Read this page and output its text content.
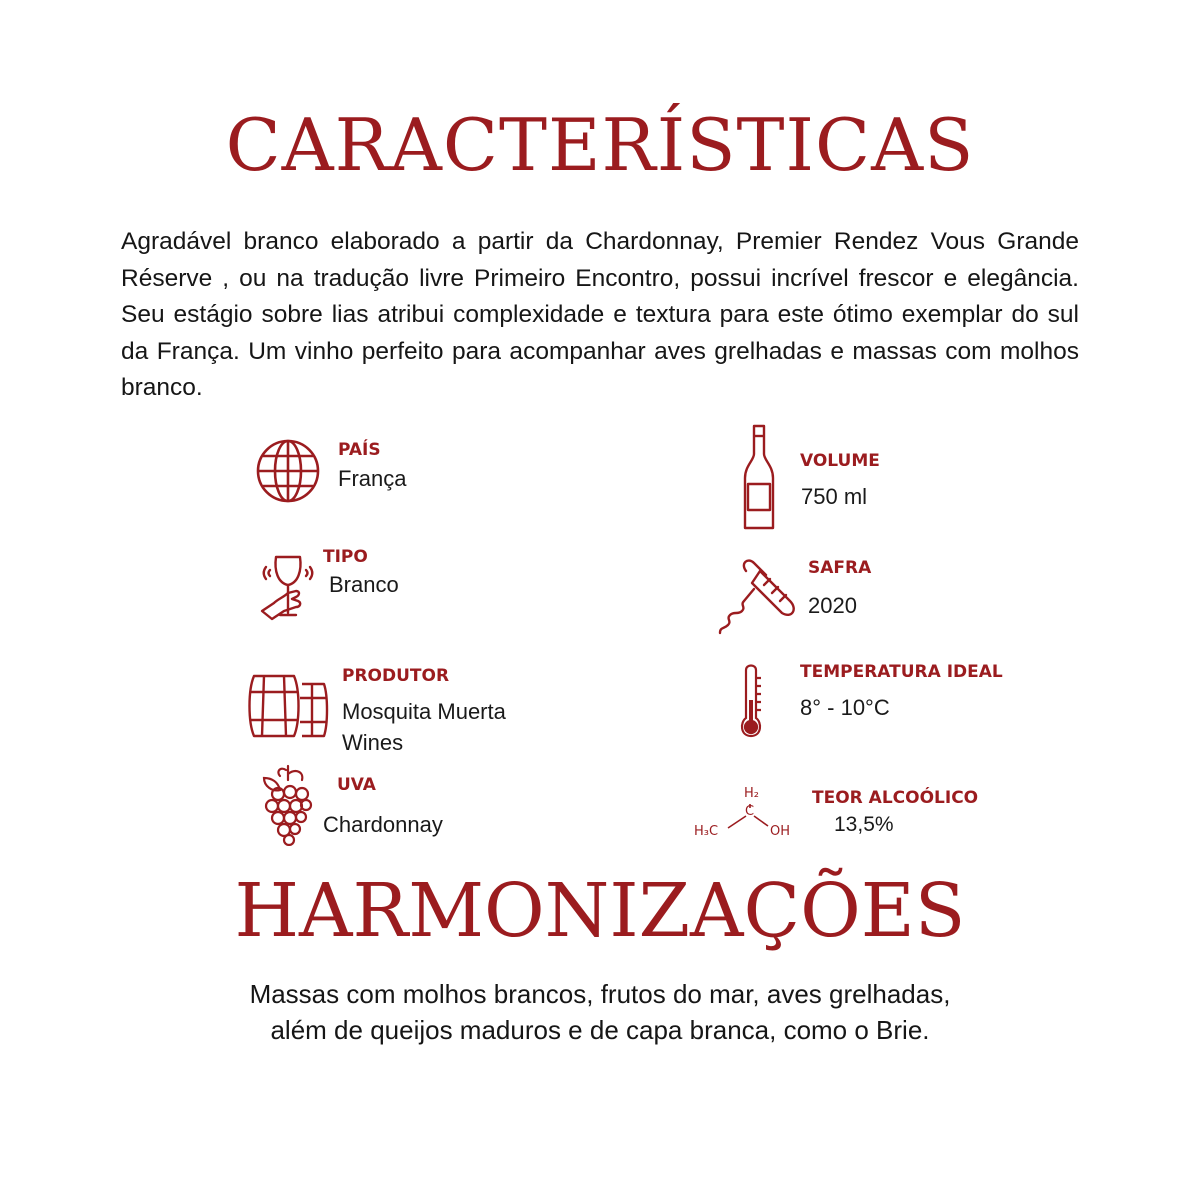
CARACTERÍSTICAS

Agradável branco elaborado a partir da Chardonnay, Premier Rendez Vous Grande Réserve , ou na tradução livre Primeiro Encontro, possui incrível frescor e elegância. Seu estágio sobre lias atribui complexidade e textura para este ótimo exemplar do sul da França. Um vinho perfeito para acompanhar aves grelhadas e massas com molhos branco.

PAÍS
França
TIPO
Branco
PRODUTOR
Mosquita Muerta
Wines
UVA
Chardonnay
VOLUME
750 ml
SAFRA
2020
TEMPERATURA IDEAL
8° - 10°C
H₂
C
H₃C	OH
TEOR ALCOÓLICO
13,5%
HARMONIZAÇÕES
Massas com molhos brancos, frutos do mar, aves grelhadas,
além de queijos maduros e de capa branca, como o Brie.
